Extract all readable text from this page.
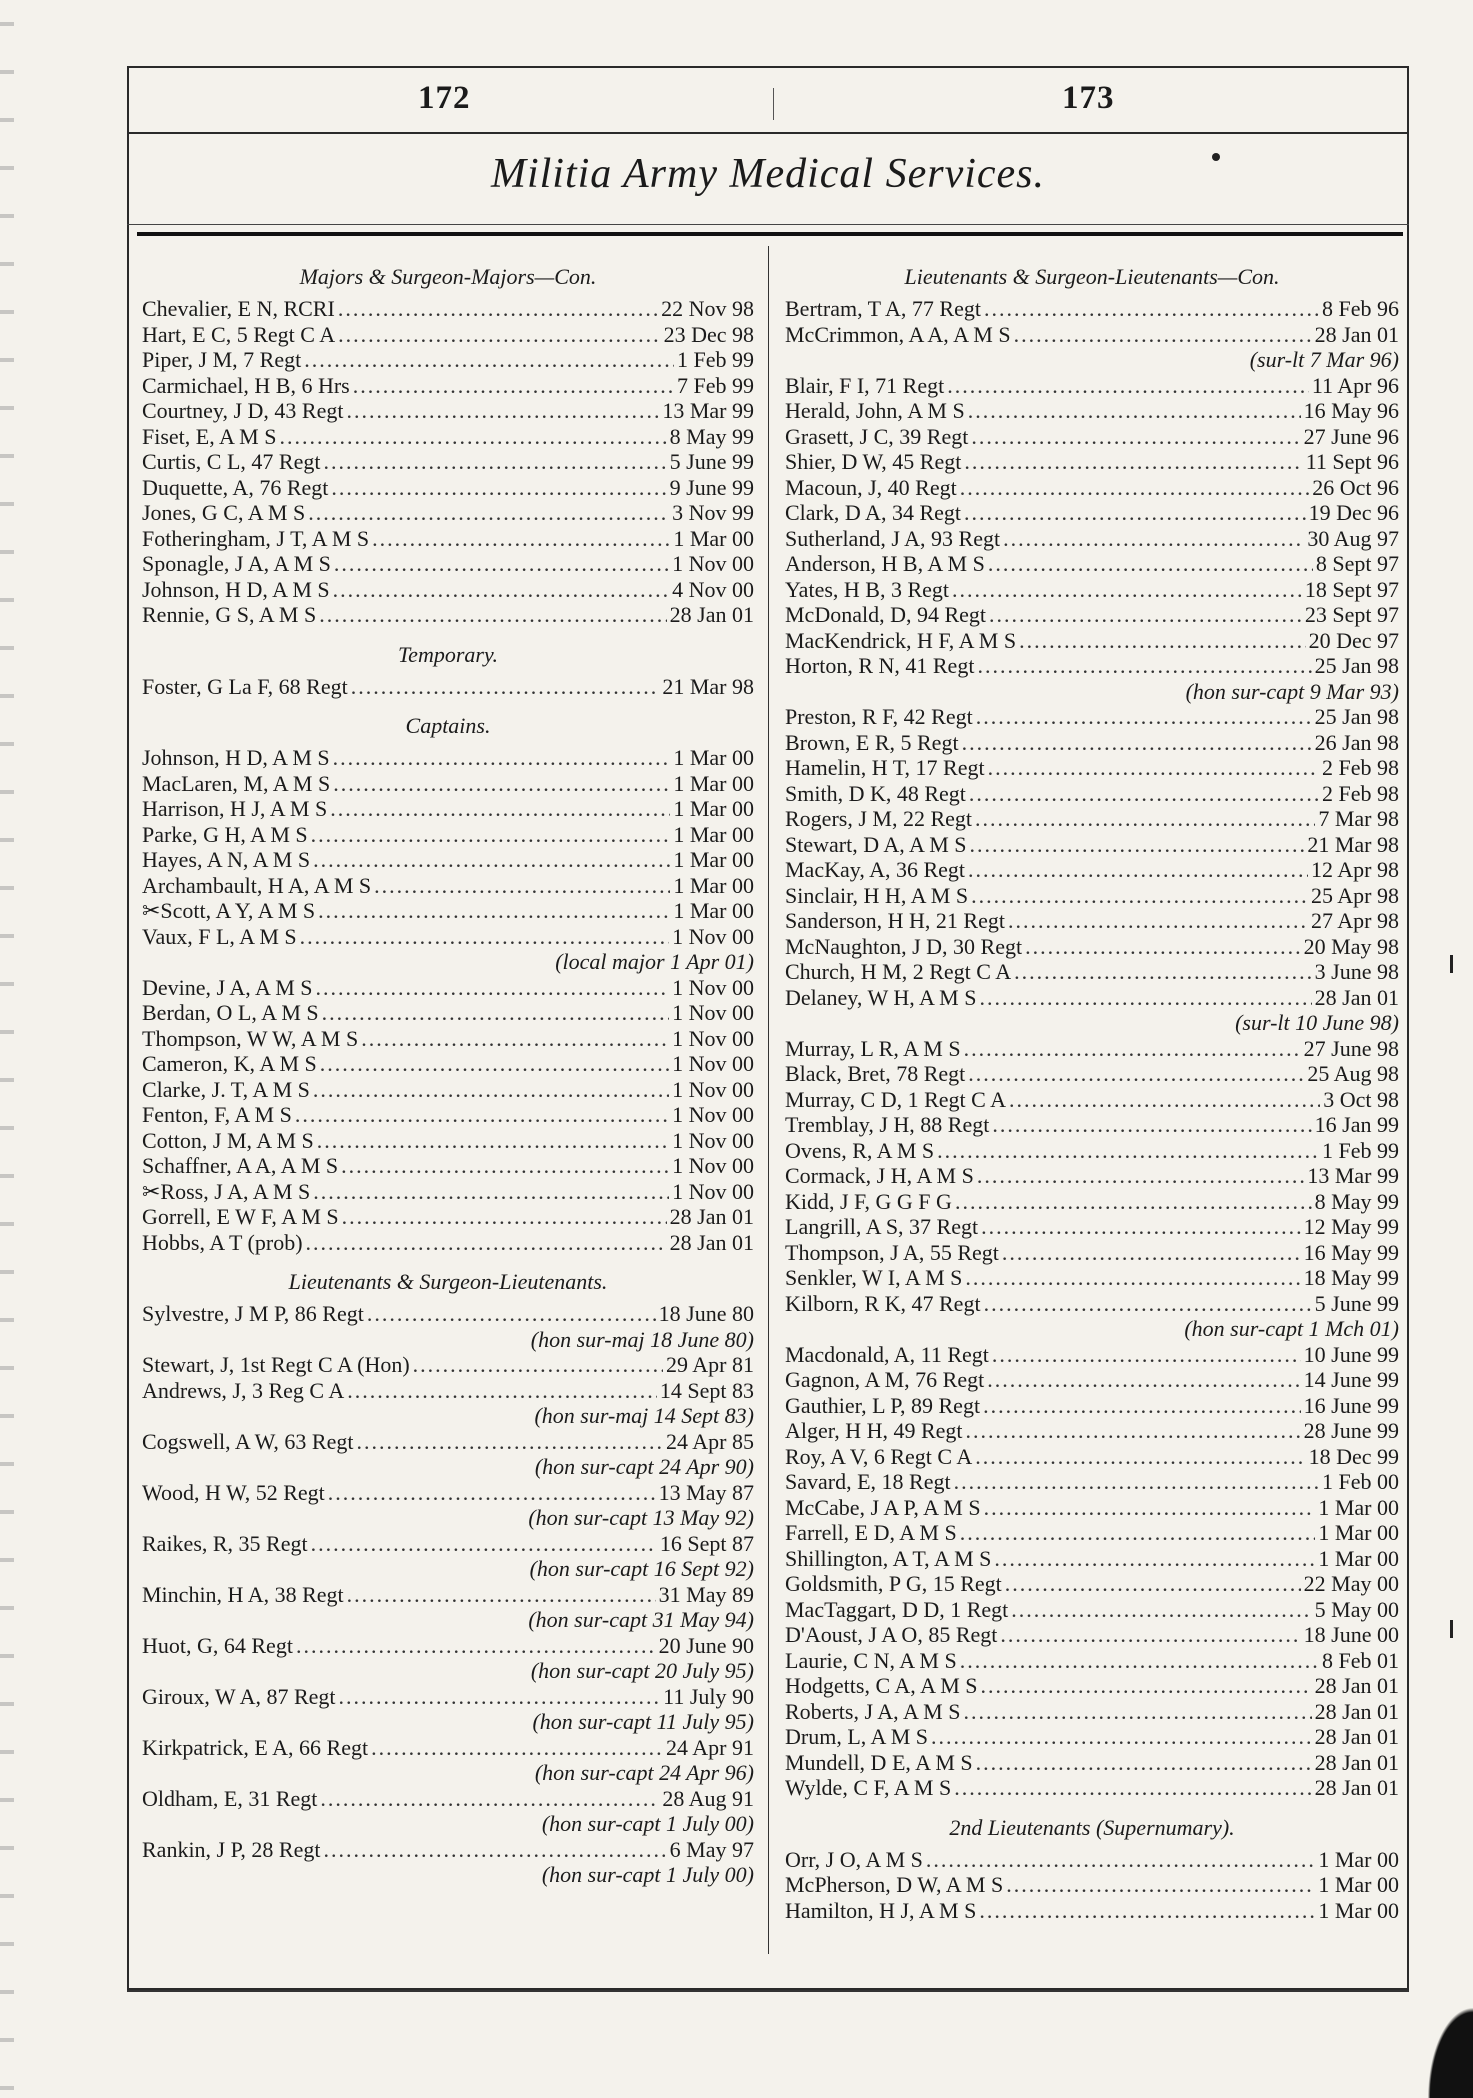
172	173
Militia Army Medical Services.
Majors & Surgeon-Majors—Con.
Chevalier, E N, RCRI .....	22 Nov 98
Hart, E C, 5 Regt C A .....	23 Dec 98
Piper, J M, 7 Regt .....	1 Feb 99
Carmichael, H B, 6 Hrs .....	7 Feb 99
Courtney, J D, 43 Regt .....	13 Mar 99
Fiset, E, A M S .....	8 May 99
Curtis, C L, 47 Regt .....	5 June 99
Duquette, A, 76 Regt .....	9 June 99
Jones, G C, A M S .....	3 Nov 99
Fotheringham, J T, A M S .....	1 Mar 00
Sponagle, J A, A M S .....	1 Nov 00
Johnson, H D, A M S .....	4 Nov 00
Rennie, G S, A M S .....	28 Jan 01
Temporary.
Foster, G La F, 68 Regt .....	21 Mar 98
Captains.
Johnson, H D, A M S .....	1 Mar 00
MacLaren, M, A M S .....	1 Mar 00
Harrison, H J, A M S .....	1 Mar 00
Parke, G H, A M S .....	1 Mar 00
Hayes, A N, A M S .....	1 Mar 00
Archambault, H A, A M S .....	1 Mar 00
✂Scott, A Y, A M S .....	1 Mar 00
Vaux, F L, A M S .....	1 Nov 00
(local major 1 Apr 01)
Devine, J A, A M S .....	1 Nov 00
Berdan, O L, A M S .....	1 Nov 00
Thompson, W W, A M S .....	1 Nov 00
Cameron, K, A M S .....	1 Nov 00
Clarke, J. T, A M S .....	1 Nov 00
Fenton, F, A M S .....	1 Nov 00
Cotton, J M, A M S .....	1 Nov 00
Schaffner, A A, A M S .....	1 Nov 00
✂Ross, J A, A M S .....	1 Nov 00
Gorrell, E W F, A M S .....	28 Jan 01
Hobbs, A T (prob) .....	28 Jan 01
Lieutenants & Surgeon-Lieutenants.
Sylvestre, J M P, 86 Regt .....	18 June 80
(hon sur-maj 18 June 80)
Stewart, J, 1st Regt C A (Hon) .....	29 Apr 81
Andrews, J, 3 Reg C A .....	14 Sept 83
(hon sur-maj 14 Sept 83)
Cogswell, A W, 63 Regt .....	24 Apr 85
(hon sur-capt 24 Apr 90)
Wood, H W, 52 Regt .....	13 May 87
(hon sur-capt 13 May 92)
Raikes, R, 35 Regt .....	16 Sept 87
(hon sur-capt 16 Sept 92)
Minchin, H A, 38 Regt .....	31 May 89
(hon sur-capt 31 May 94)
Huot, G, 64 Regt .....	20 June 90
(hon sur-capt 20 July 95)
Giroux, W A, 87 Regt .....	11 July 90
(hon sur-capt 11 July 95)
Kirkpatrick, E A, 66 Regt .....	24 Apr 91
(hon sur-capt 24 Apr 96)
Oldham, E, 31 Regt .....	28 Aug 91
(hon sur-capt 1 July 00)
Rankin, J P, 28 Regt .....	6 May 97
(hon sur-capt 1 July 00)
Lieutenants & Surgeon-Lieutenants—Con.
Bertram, T A, 77 Regt .....	8 Feb 96
McCrimmon, A A, A M S .....	28 Jan 01
(sur-lt 7 Mar 96)
Blair, F I, 71 Regt .....	11 Apr 96
Herald, John, A M S .....	16 May 96
Grasett, J C, 39 Regt .....	27 June 96
Shier, D W, 45 Regt .....	11 Sept 96
Macoun, J, 40 Regt .....	26 Oct 96
Clark, D A, 34 Regt .....	19 Dec 96
Sutherland, J A, 93 Regt .....	30 Aug 97
Anderson, H B, A M S .....	8 Sept 97
Yates, H B, 3 Regt .....	18 Sept 97
McDonald, D, 94 Regt .....	23 Sept 97
MacKendrick, H F, A M S .....	20 Dec 97
Horton, R N, 41 Regt .....	25 Jan 98
(hon sur-capt 9 Mar 93)
Preston, R F, 42 Regt .....	25 Jan 98
Brown, E R, 5 Regt .....	26 Jan 98
Hamelin, H T, 17 Regt .....	2 Feb 98
Smith, D K, 48 Regt .....	2 Feb 98
Rogers, J M, 22 Regt .....	7 Mar 98
Stewart, D A, A M S .....	21 Mar 98
MacKay, A, 36 Regt .....	12 Apr 98
Sinclair, H H, A M S .....	25 Apr 98
Sanderson, H H, 21 Regt .....	27 Apr 98
McNaughton, J D, 30 Regt .....	20 May 98
Church, H M, 2 Regt C A .....	3 June 98
Delaney, W H, A M S .....	28 Jan 01
(sur-lt 10 June 98)
Murray, L R, A M S .....	27 June 98
Black, Bret, 78 Regt .....	25 Aug 98
Murray, C D, 1 Regt C A .....	3 Oct 98
Tremblay, J H, 88 Regt .....	16 Jan 99
Ovens, R, A M S .....	1 Feb 99
Cormack, J H, A M S .....	13 Mar 99
Kidd, J F, G G F G .....	8 May 99
Langrill, A S, 37 Regt .....	12 May 99
Thompson, J A, 55 Regt .....	16 May 99
Senkler, W I, A M S .....	18 May 99
Kilborn, R K, 47 Regt .....	5 June 99
(hon sur-capt 1 Mch 01)
Macdonald, A, 11 Regt .....	10 June 99
Gagnon, A M, 76 Regt .....	14 June 99
Gauthier, L P, 89 Regt .....	16 June 99
Alger, H H, 49 Regt .....	28 June 99
Roy, A V, 6 Regt C A .....	18 Dec 99
Savard, E, 18 Regt .....	1 Feb 00
McCabe, J A P, A M S .....	1 Mar 00
Farrell, E D, A M S .....	1 Mar 00
Shillington, A T, A M S .....	1 Mar 00
Goldsmith, P G, 15 Regt .....	22 May 00
MacTaggart, D D, 1 Regt .....	5 May 00
D'Aoust, J A O, 85 Regt .....	18 June 00
Laurie, C N, A M S .....	8 Feb 01
Hodgetts, C A, A M S .....	28 Jan 01
Roberts, J A, A M S .....	28 Jan 01
Drum, L, A M S .....	28 Jan 01
Mundell, D E, A M S .....	28 Jan 01
Wylde, C F, A M S .....	28 Jan 01
2nd Lieutenants (Supernumary).
Orr, J O, A M S .....	1 Mar 00
McPherson, D W, A M S .....	1 Mar 00
Hamilton, H J, A M S .....	1 Mar 00
